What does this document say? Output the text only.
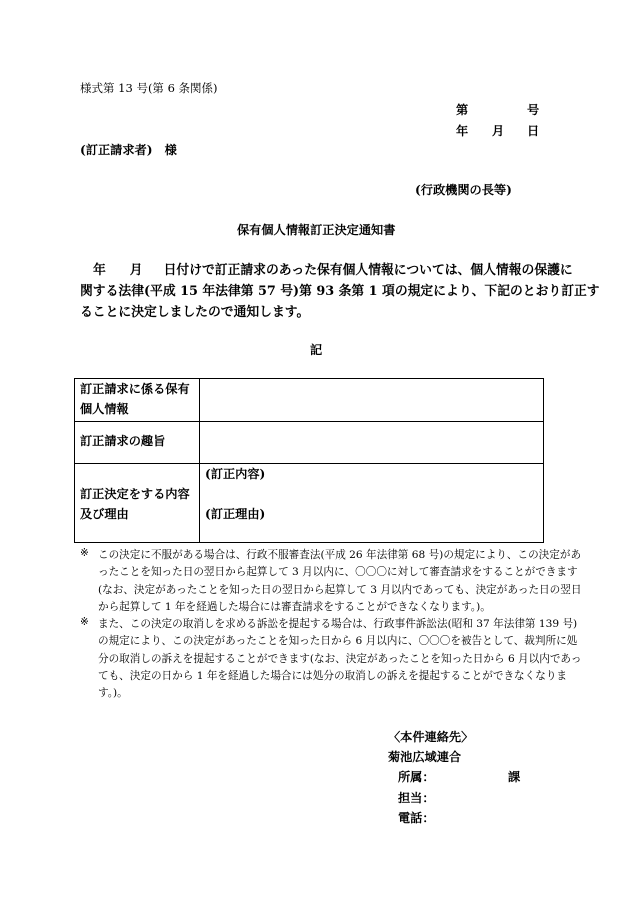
様式第 13 号(第 6 条関係)
第	号
年 月 日
(訂正請求者)　様
(行政機関の長等)
保有個人情報訂正決定通知書
年 月 日付けで訂正請求のあった保有個人情報については、個人情報の保護に
関する法律(平成 15 年法律第 57 号)第 93 条第 1 項の規定により、下記のとおり訂正す
ることに決定しましたので通知します。
記
訂正請求に係る保有
個人情報
訂正請求の趣旨
訂正決定をする内容
及び理由
(訂正内容)
(訂正理由)
※ この決定に不服がある場合は、行政不服審査法(平成 26 年法律第 68 号)の規定により、この決定があ
ったことを知った日の翌日から起算して 3 月以内に、〇〇〇に対して審査請求をすることができます
(なお、決定があったことを知った日の翌日から起算して 3 月以内であっても、決定があった日の翌日
から起算して 1 年を経過した場合には審査請求をすることができなくなります。)。
※ また、この決定の取消しを求める訴訟を提起する場合は、行政事件訴訟法(昭和 37 年法律第 139 号)
の規定により、この決定があったことを知った日から 6 月以内に、〇〇〇を被告として、裁判所に処
分の取消しの訴えを提起することができます(なお、決定があったことを知った日から 6 月以内であっ
ても、決定の日から 1 年を経過した場合には処分の取消しの訴えを提起することができなくなりま
す。)。
〈本件連絡先〉
菊池広域連合
所属：	課
担当：
電話：
